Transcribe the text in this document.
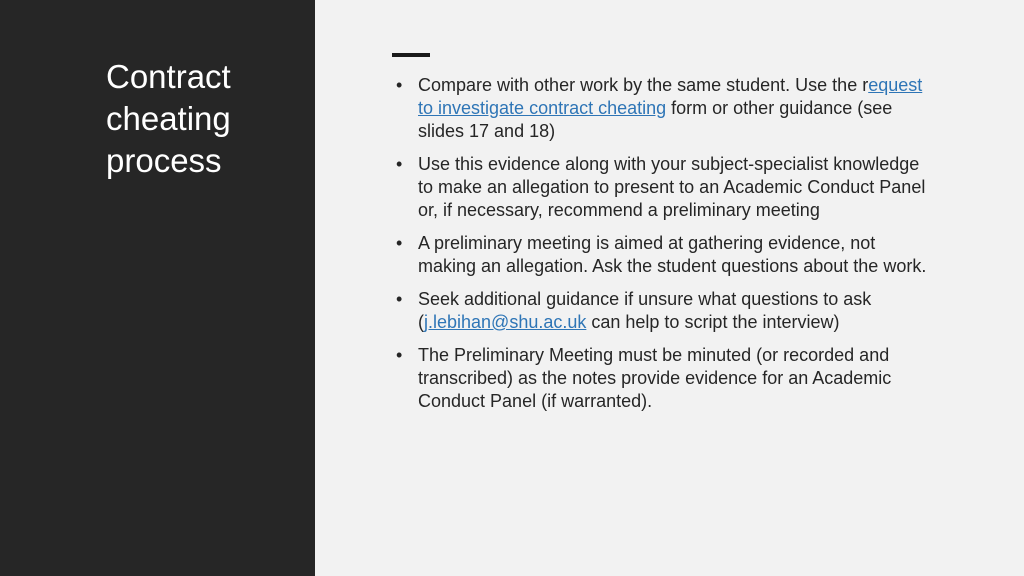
Contract
cheating
process
• Compare with other work by the same student. Use the request to investigate contract cheating form or other guidance (see slides 17 and 18)
• Use this evidence along with your subject-specialist knowledge to make an allegation to present to an Academic Conduct Panel or, if necessary, recommend a preliminary meeting
• A preliminary meeting is aimed at gathering evidence, not making an allegation. Ask the student questions about the work.
• Seek additional guidance if unsure what questions to ask (j.lebihan@shu.ac.uk can help to script the interview)
• The Preliminary Meeting must be minuted (or recorded and transcribed) as the notes provide evidence for an Academic Conduct Panel (if warranted).
